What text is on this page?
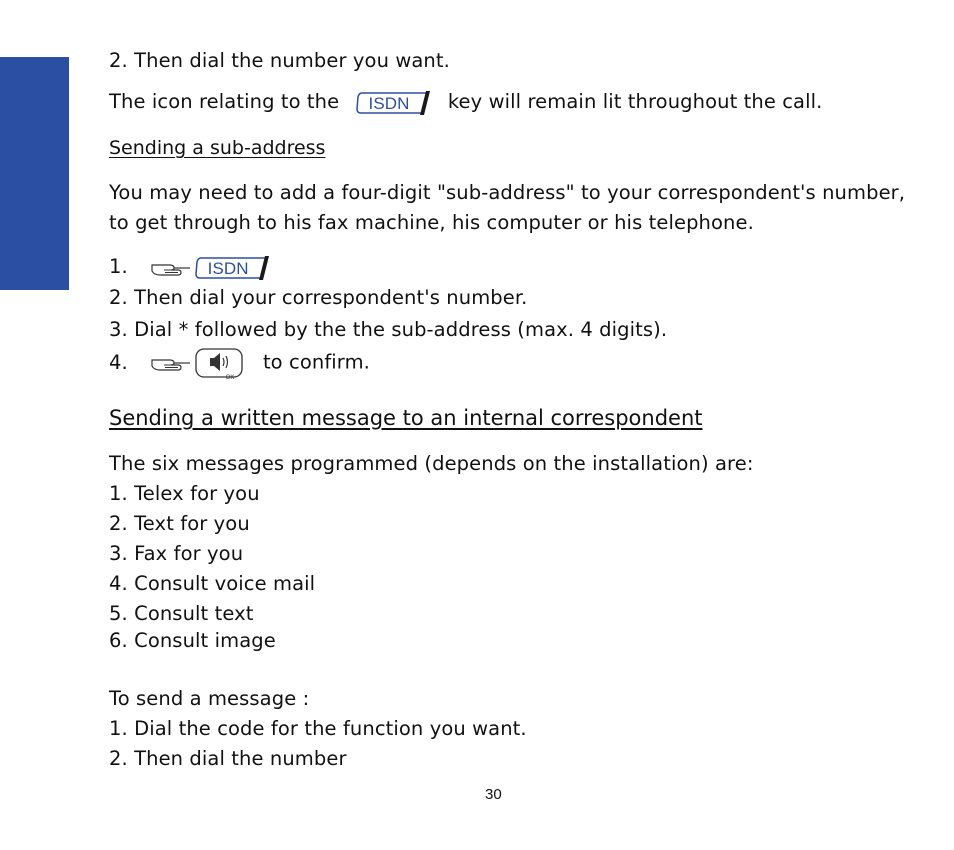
2. Then dial the number you want.
The icon relating to the ISDN key will remain lit throughout the call.
Sending a sub-address
You may need to add a four-digit "sub-address" to your correspondent's number,
to get through to his fax machine, his computer or his telephone.
1.	ISDN
2. Then dial your correspondent's number.
3. Dial * followed by the the sub-address (max. 4 digits).
4.
OK
to confirm.
Sending a written message to an internal correspondent
The six messages programmed (depends on the installation) are:
1. Telex for you
2. Text for you
3. Fax for you
4. Consult voice mail
5. Consult text
6. Consult image
To send a message :
1. Dial the code for the function you want.
2. Then dial the number
30
